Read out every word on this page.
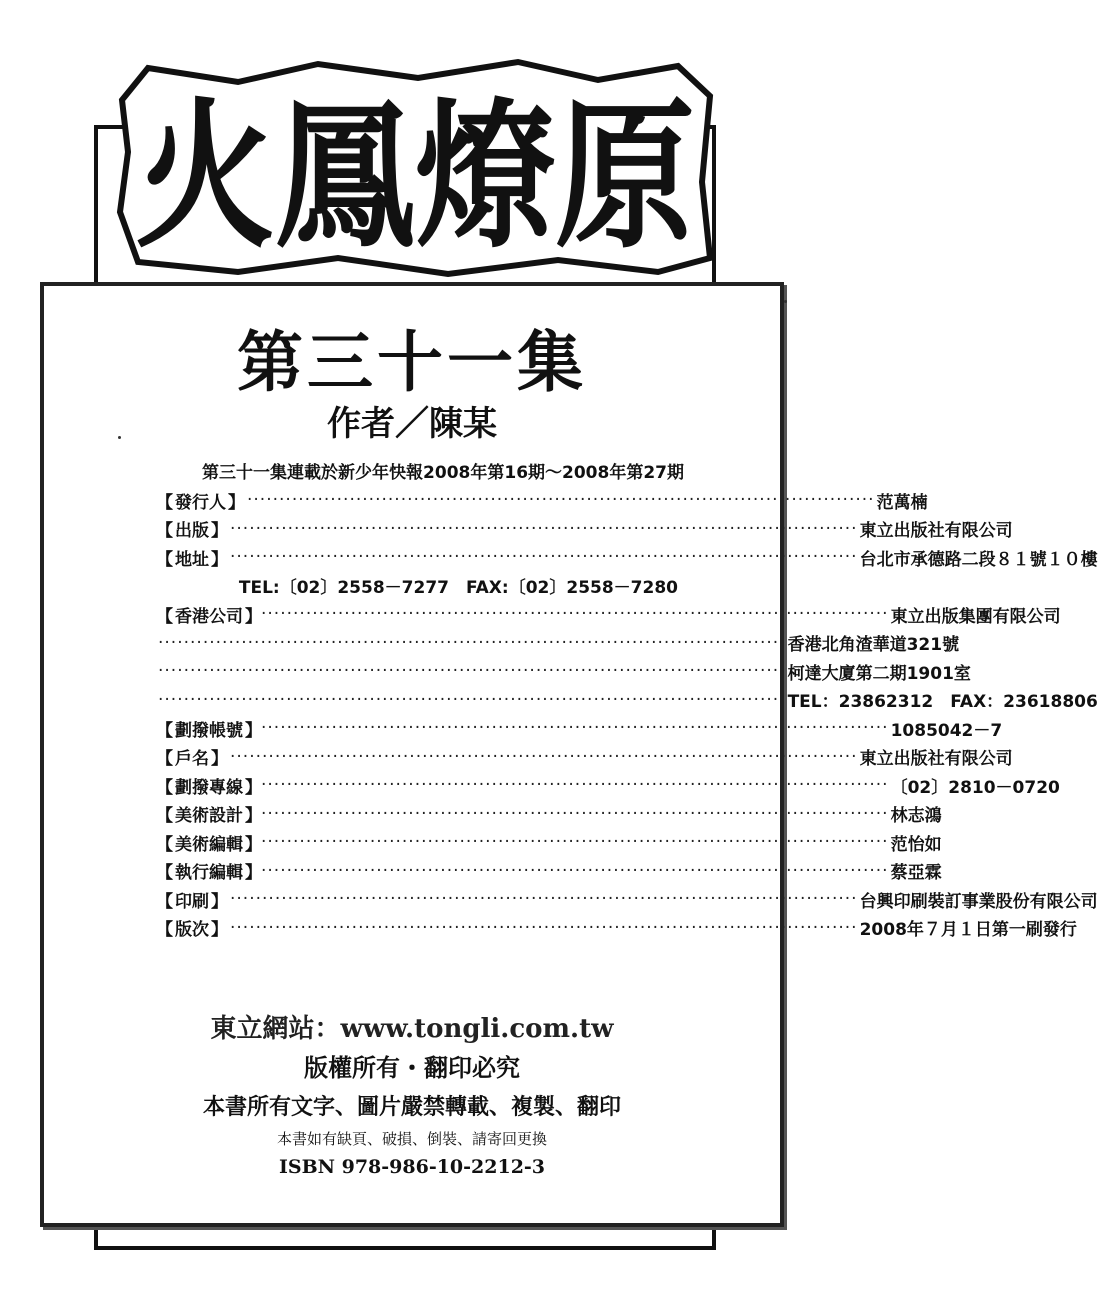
火鳳燎原
第三十一集
作者／陳某
第三十一集連載於新少年快報2008年第16期～2008年第27期
【 發 行 人 】 ·································································································· 范萬楠
【 出 版 】 ·································································································· 東立出版社有限公司
【 地 址 】 ·································································································· 台北市承德路二段８１號１０樓
TEL:〔02〕2558－7277　FAX:〔02〕2558－7280
【 香 港 公 司 】 ·································································································· 東立出版集團有限公司
·································································································· 香港北角渣華道321號
·································································································· 柯達大廈第二期1901室
·································································································· TEL：23862312　FAX：23618806
【 劃 撥 帳 號 】 ·································································································· 1085042－7
【 戶 名 】 ·································································································· 東立出版社有限公司
【 劃 撥 專 線 】 ·································································································· 〔02〕2810－0720
【 美 術 設 計 】 ·································································································· 林志鴻
【 美 術 編 輯 】 ·································································································· 范怡如
【 執 行 編 輯 】 ·································································································· 蔡亞霖
【 印 刷 】 ·································································································· 台興印刷裝訂事業股份有限公司
【 版 次 】 ·································································································· 2008年７月１日第一刷發行
東立網站：www.tongli.com.tw
版權所有・翻印必究
本書所有文字、圖片嚴禁轉載、複製、翻印
本書如有缺頁、破損、倒裝、請寄回更換
ISBN 978-986-10-2212-3
